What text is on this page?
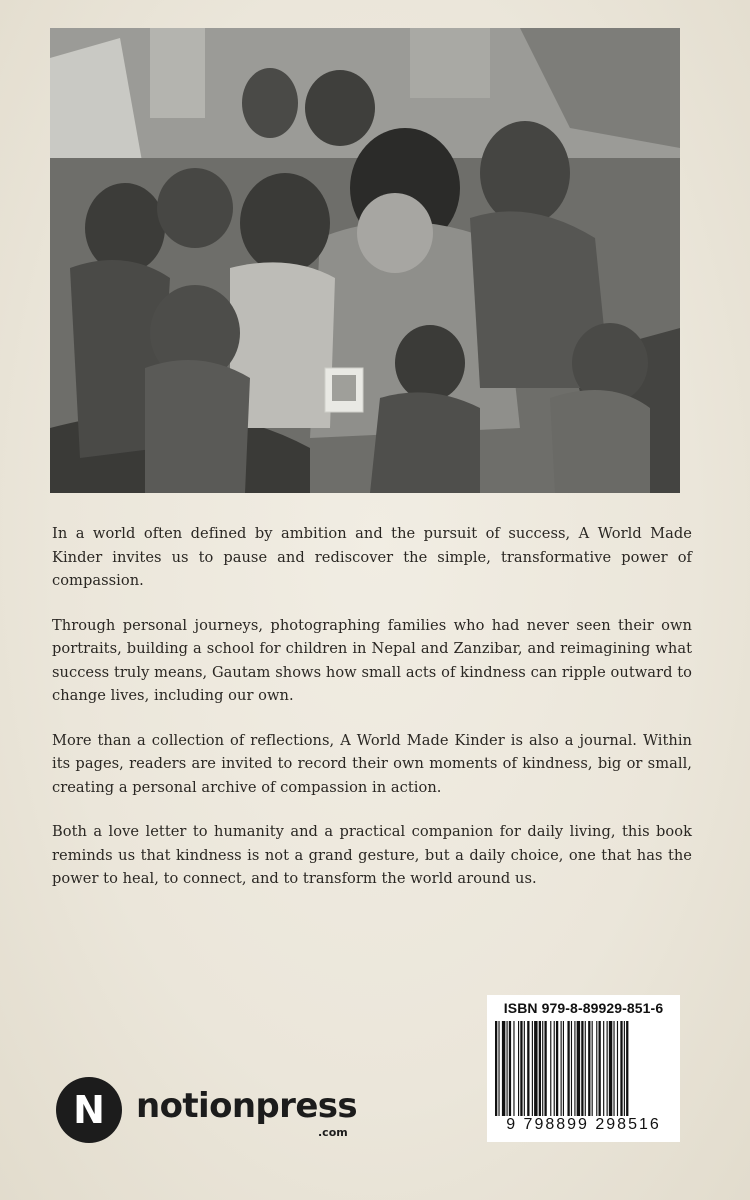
In a world often defined by ambition and the pursuit of success, A World Made Kinder invites us to pause and rediscover the simple, transformative power of compassion.

Through personal journeys, photographing families who had never seen their own portraits, building a school for children in Nepal and Zanzibar, and reimagining what success truly means, Gautam shows how small acts of kindness can ripple outward to change lives, including our own.

More than a collection of reflections, A World Made Kinder is also a journal. Within its pages, readers are invited to record their own moments of kindness, big or small, creating a personal archive of compassion in action.

Both a love letter to humanity and a practical companion for daily living, this book reminds us that kindness is not a grand gesture, but a daily choice, one that has the power to heal, to connect, and to transform the world around us.

ISBN 979-8-89929-851-6
9 798899 298516
N notionpress
.com
